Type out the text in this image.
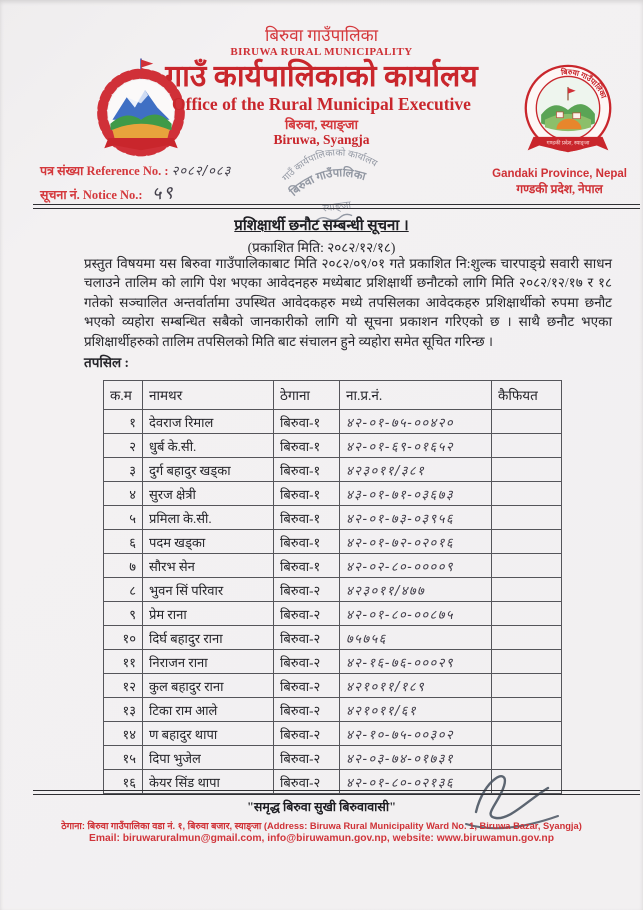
बिरुवा गाउँपालिका
गण्डकी प्रदेश, स्याङ्जा
बिरुवा गाउँपालिका
BIRUWA RURAL MUNICIPALITY
गाउँ कार्यपालिकाको कार्यालय
Office of the Rural Municipal Executive
बिरुवा, स्याङ्जा
Biruwa, Syangja
गाउँ कार्यपालिकाको कार्यालय
बिरुवा गाउँपालिका
स्याङ्जा
पत्र संख्या Reference No. : २०८२/०८३
सूचना नं. Notice No.: ५९
Gandaki Province, Nepal
गण्डकी प्रदेश, नेपाल
प्रशिक्षार्थी छनौट सम्बन्धी सूचना ।
(प्रकाशित मिति: २०८२/१२/१८)
प्रस्तुत विषयमा यस बिरुवा गाउँपालिकाबाट मिति २०८२/०९/०१ गते प्रकाशित नि:शुल्क चारपाङ्ग्रे सवारी साधन चलाउने तालिम को लागि पेश भएका आवेदनहरु मध्येबाट प्रशिक्षार्थी छनौटको लागि मिति २०८२/१२/१७ र १८ गतेको सञ्चालित अन्तर्वार्तामा उपस्थित आवेदकहरु मध्ये तपसिलका आवेदकहरु प्रशिक्षार्थीको रुपमा छनौट भएको व्यहोरा सम्बन्धित सबैको जानकारीको लागि यो सूचना प्रकाशन गरिएको छ । साथै छनौट भएका प्रशिक्षार्थीहरुको तालिम तपसिलको मिति बाट संचालन हुने व्यहोरा समेत सूचित गरिन्छ ।
तपसिल :
क.म	नामथर	ठेगाना	ना.प्र.नं.	कैफियत
१	देवराज रिमाल	बिरुवा-१	४२-०१-७५-००४२०	
२	धुर्ब के.सी.	बिरुवा-१	४२-०१-६९-०१६५२	
३	दुर्ग बहादुर खड्का	बिरुवा-१	४२३०११/३८१	
४	सुरज क्षेत्री	बिरुवा-१	४३-०१-७१-०३६७३	
५	प्रमिला के.सी.	बिरुवा-१	४२-०१-७३-०३९५६	
६	पदम खड्का	बिरुवा-१	४२-०१-७२-०२०१६	
७	सौरभ सेन	बिरुवा-१	४२-०२-८०-००००९	
८	भुवन सिं परिवार	बिरुवा-२	४२३०११/४७७	
९	प्रेम राना	बिरुवा-२	४२-०१-८०-००८७५	
१०	दिर्घ बहादुर राना	बिरुवा-२	७५७५६	
११	निराजन राना	बिरुवा-२	४२-१६-७६-०००२९	
१२	कुल बहादुर राना	बिरुवा-२	४२१०११/१८९	
१३	टिका राम आले	बिरुवा-२	४२१०११/६१	
१४	ण बहादुर थापा	बिरुवा-२	४२-१०-७५-००३०२	
१५	दिपा भुजेल	बिरुवा-२	४२-०३-७४-०१७३१	
१६	केयर सिंड थापा	बिरुवा-२	४२-०१-८०-०२१३६	
"समृद्ध बिरुवा सुखी बिरुवावासी"
ठेगाना: बिरुवा गाउँपालिका वडा नं. १, बिरुवा बजार, स्याङ्जा (Address: Biruwa Rural Municipality Ward No. 1, Biruwa Bazar, Syangja)
Email: biruwaruralmun@gmail.com, info@biruwamun.gov.np, website: www.biruwamun.gov.np
